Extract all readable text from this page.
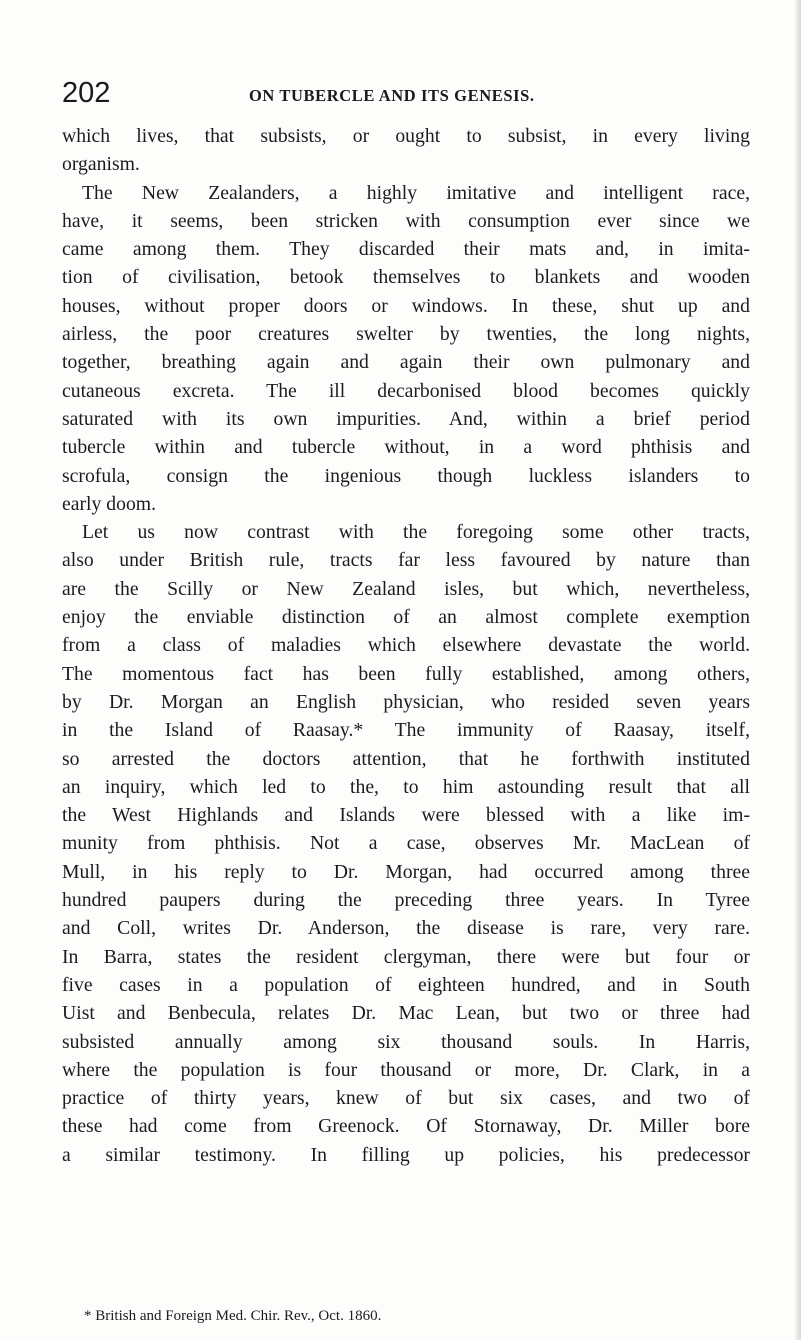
202	ON TUBERCLE AND ITS GENESIS.
which lives, that subsists, or ought to subsist, in every living
organism.
The New Zealanders, a highly imitative and intelligent race,
have, it seems, been stricken with consumption ever since we
came among them. They discarded their mats and, in imita-
tion of civilisation, betook themselves to blankets and wooden
houses, without proper doors or windows. In these, shut up and
airless, the poor creatures swelter by twenties, the long nights,
together, breathing again and again their own pulmonary and
cutaneous excreta. The ill decarbonised blood becomes quickly
saturated with its own impurities. And, within a brief period
tubercle within and tubercle without, in a word phthisis and
scrofula, consign the ingenious though luckless islanders to
early doom.
Let us now contrast with the foregoing some other tracts,
also under British rule, tracts far less favoured by nature than
are the Scilly or New Zealand isles, but which, nevertheless,
enjoy the enviable distinction of an almost complete exemption
from a class of maladies which elsewhere devastate the world.
The momentous fact has been fully established, among others,
by Dr. Morgan an English physician, who resided seven years
in the Island of Raasay.* The immunity of Raasay, itself,
so arrested the doctors attention, that he forthwith instituted
an inquiry, which led to the, to him astounding result that all
the West Highlands and Islands were blessed with a like im-
munity from phthisis. Not a case, observes Mr. MacLean of
Mull, in his reply to Dr. Morgan, had occurred among three
hundred paupers during the preceding three years. In Tyree
and Coll, writes Dr. Anderson, the disease is rare, very rare.
In Barra, states the resident clergyman, there were but four or
five cases in a population of eighteen hundred, and in South
Uist and Benbecula, relates Dr. Mac Lean, but two or three had
subsisted annually among six thousand souls. In Harris,
where the population is four thousand or more, Dr. Clark, in a
practice of thirty years, knew of but six cases, and two of
these had come from Greenock. Of Stornaway, Dr. Miller bore
a similar testimony. In filling up policies, his predecessor
* British and Foreign Med. Chir. Rev., Oct. 1860.
